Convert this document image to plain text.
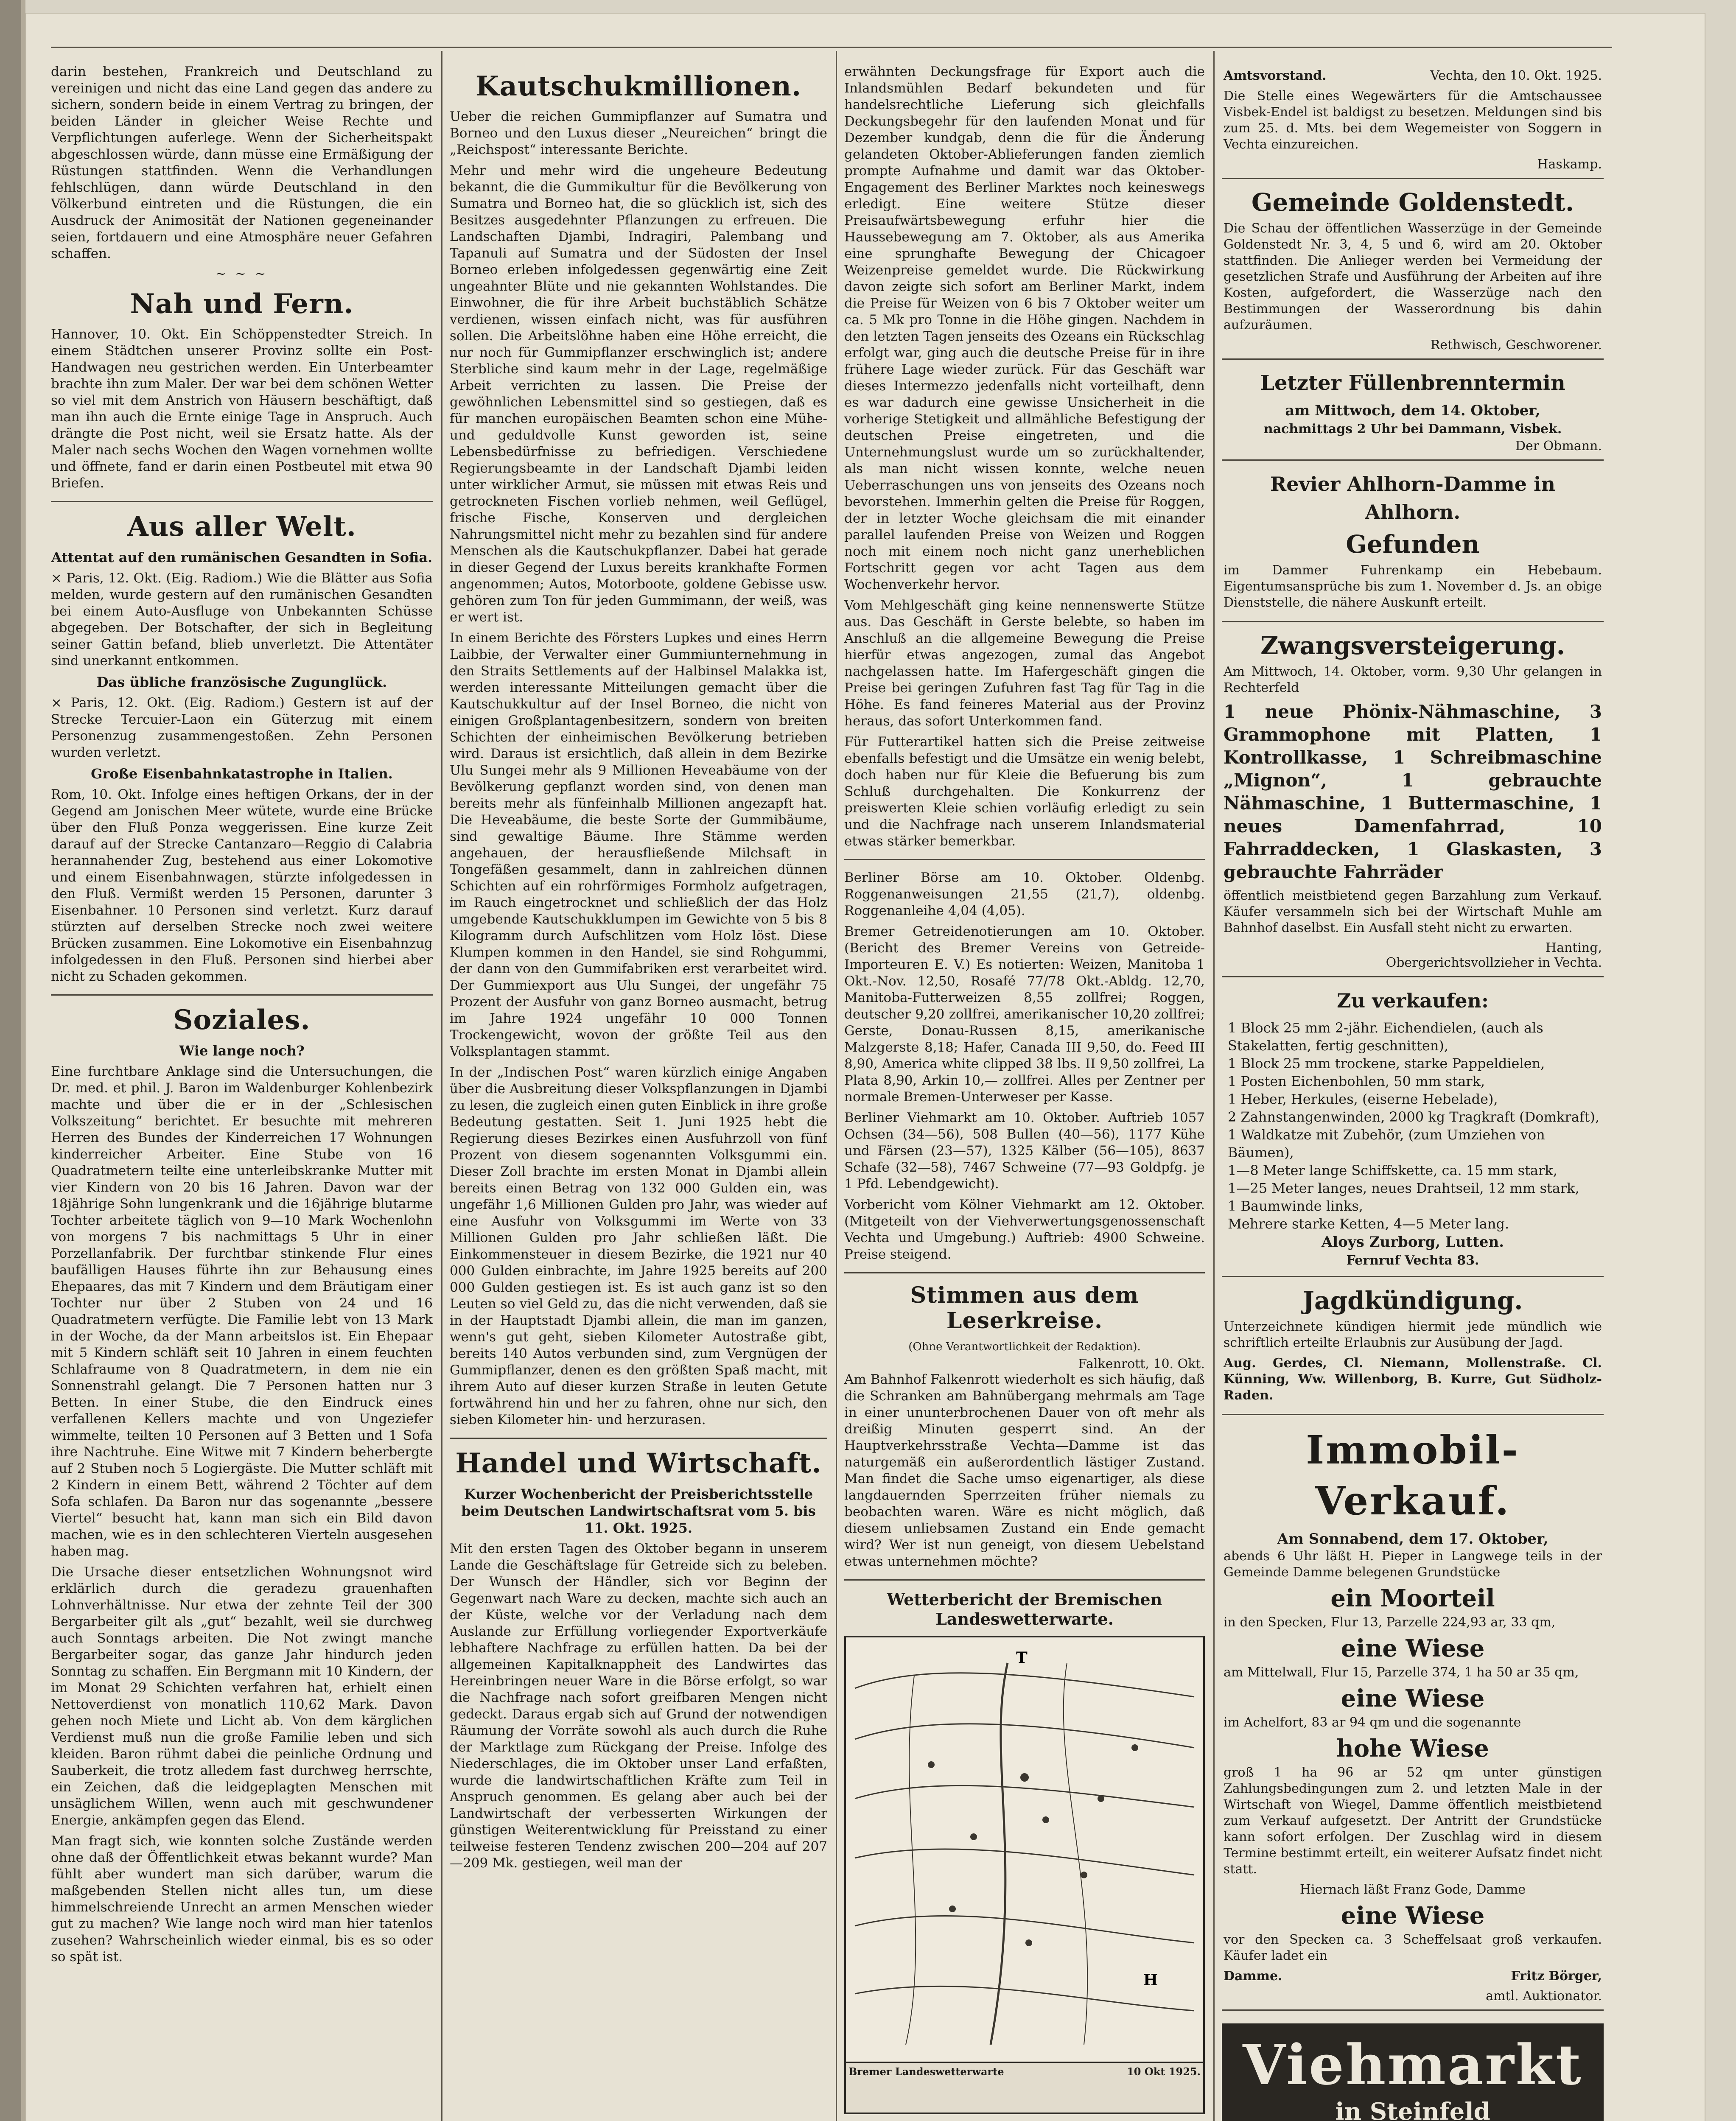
darin bestehen, Frankreich und Deutschland zu vereinigen und nicht das eine Land gegen das andere zu sichern, sondern beide in einem Vertrag zu bringen, der beiden Länder in gleicher Weise Rechte und Verpflichtungen auferlege. Wenn der Sicherheitspakt abgeschlossen würde, dann müsse eine Ermäßigung der Rüstungen stattfinden. Wenn die Verhandlungen fehlschlügen, dann würde Deutschland in den Völkerbund eintreten und die Rüstungen, die ein Ausdruck der Animosität der Nationen gegeneinander seien, fortdauern und eine Atmosphäre neuer Gefahren schaffen.

~ ~ ~
Nah und Fern.

Hannover, 10. Okt. Ein Schöppenstedter Streich. In einem Städtchen unserer Provinz sollte ein Post-Handwagen neu gestrichen werden. Ein Unterbeamter brachte ihn zum Maler. Der war bei dem schönen Wetter so viel mit dem Anstrich von Häusern beschäftigt, daß man ihn auch die Ernte einige Tage in Anspruch. Auch drängte die Post nicht, weil sie Ersatz hatte. Als der Maler nach sechs Wochen den Wagen vornehmen wollte und öffnete, fand er darin einen Postbeutel mit etwa 90 Briefen.

Aus aller Welt.
Attentat auf den rumänischen Gesandten in Sofia.

× Paris, 12. Okt. (Eig. Radiom.) Wie die Blätter aus Sofia melden, wurde gestern auf den rumänischen Gesandten bei einem Auto-Ausfluge von Unbekannten Schüsse abgegeben. Der Botschafter, der sich in Begleitung seiner Gattin befand, blieb unverletzt. Die Attentäter sind unerkannt entkommen.

Das übliche französische Zugunglück.

× Paris, 12. Okt. (Eig. Radiom.) Gestern ist auf der Strecke Tercuier-Laon ein Güterzug mit einem Personenzug zusammengestoßen. Zehn Personen wurden verletzt.

Große Eisenbahnkatastrophe in Italien.

Rom, 10. Okt. Infolge eines heftigen Orkans, der in der Gegend am Jonischen Meer wütete, wurde eine Brücke über den Fluß Ponza weggerissen. Eine kurze Zeit darauf auf der Strecke Cantanzaro—Reggio di Calabria herannahender Zug, bestehend aus einer Lokomotive und einem Eisenbahnwagen, stürzte infolgedessen in den Fluß. Vermißt werden 15 Personen, darunter 3 Eisenbahner. 10 Personen sind verletzt. Kurz darauf stürzten auf derselben Strecke noch zwei weitere Brücken zusammen. Eine Lokomotive ein Eisenbahnzug infolgedessen in den Fluß. Personen sind hierbei aber nicht zu Schaden gekommen.

Soziales.
Wie lange noch?

Eine furchtbare Anklage sind die Untersuchungen, die Dr. med. et phil. J. Baron im Waldenburger Kohlenbezirk machte und über die er in der „Schlesischen Volkszeitung“ berichtet. Er besuchte mit mehreren Herren des Bundes der Kinderreichen 17 Wohnungen kinderreicher Arbeiter. Eine Stube von 16 Quadratmetern teilte eine unterleibskranke Mutter mit vier Kindern von 20 bis 16 Jahren. Davon war der 18jährige Sohn lungenkrank und die 16jährige blutarme Tochter arbeitete täglich von 9—10 Mark Wochenlohn von morgens 7 bis nachmittags 5 Uhr in einer Porzellanfabrik. Der furchtbar stinkende Flur eines baufälligen Hauses führte ihn zur Behausung eines Ehepaares, das mit 7 Kindern und dem Bräutigam einer Tochter nur über 2 Stuben von 24 und 16 Quadratmetern verfügte. Die Familie lebt von 13 Mark in der Woche, da der Mann arbeitslos ist. Ein Ehepaar mit 5 Kindern schläft seit 10 Jahren in einem feuchten Schlafraume von 8 Quadratmetern, in dem nie ein Sonnenstrahl gelangt. Die 7 Personen hatten nur 3 Betten. In einer Stube, die den Eindruck eines verfallenen Kellers machte und von Ungeziefer wimmelte, teilten 10 Personen auf 3 Betten und 1 Sofa ihre Nachtruhe. Eine Witwe mit 7 Kindern beherbergte auf 2 Stuben noch 5 Logiergäste. Die Mutter schläft mit 2 Kindern in einem Bett, während 2 Töchter auf dem Sofa schlafen. Da Baron nur das sogenannte „bessere Viertel“ besucht hat, kann man sich ein Bild davon machen, wie es in den schlechteren Vierteln ausgesehen haben mag.

Die Ursache dieser entsetzlichen Wohnungsnot wird erklärlich durch die geradezu grauenhaften Lohnverhältnisse. Nur etwa der zehnte Teil der 300 Bergarbeiter gilt als „gut“ bezahlt, weil sie durchweg auch Sonntags arbeiten. Die Not zwingt manche Bergarbeiter sogar, das ganze Jahr hindurch jeden Sonntag zu schaffen. Ein Bergmann mit 10 Kindern, der im Monat 29 Schichten verfahren hat, erhielt einen Nettoverdienst von monatlich 110,62 Mark. Davon gehen noch Miete und Licht ab. Von dem kärglichen Verdienst muß nun die große Familie leben und sich kleiden. Baron rühmt dabei die peinliche Ordnung und Sauberkeit, die trotz alledem fast durchweg herrschte, ein Zeichen, daß die leidgeplagten Menschen mit unsäglichem Willen, wenn auch mit geschwundener Energie, ankämpfen gegen das Elend.

Man fragt sich, wie konnten solche Zustände werden ohne daß der Öffentlichkeit etwas bekannt wurde? Man fühlt aber wundert man sich darüber, warum die maßgebenden Stellen nicht alles tun, um diese himmelschreiende Unrecht an armen Menschen wieder gut zu machen? Wie lange noch wird man hier tatenlos zusehen? Wahrscheinlich wieder einmal, bis es so oder so spät ist.

Kautschukmillionen.

Ueber die reichen Gummipflanzer auf Sumatra und Borneo und den Luxus dieser „Neureichen“ bringt die „Reichspost“ interessante Berichte.

Mehr und mehr wird die ungeheure Bedeutung bekannt, die die Gummikultur für die Bevölkerung von Sumatra und Borneo hat, die so glücklich ist, sich des Besitzes ausgedehnter Pflanzungen zu erfreuen. Die Landschaften Djambi, Indragiri, Palembang und Tapanuli auf Sumatra und der Südosten der Insel Borneo erleben infolgedessen gegenwärtig eine Zeit ungeahnter Blüte und nie gekannten Wohlstandes. Die Einwohner, die für ihre Arbeit buchstäblich Schätze verdienen, wissen einfach nicht, was für ausführen sollen. Die Arbeitslöhne haben eine Höhe erreicht, die nur noch für Gummipflanzer erschwinglich ist; andere Sterbliche sind kaum mehr in der Lage, regelmäßige Arbeit verrichten zu lassen. Die Preise der gewöhnlichen Lebensmittel sind so gestiegen, daß es für manchen europäischen Beamten schon eine Mühe- und geduldvolle Kunst geworden ist, seine Lebensbedürfnisse zu befriedigen. Verschiedene Regierungsbeamte in der Landschaft Djambi leiden unter wirklicher Armut, sie müssen mit etwas Reis und getrockneten Fischen vorlieb nehmen, weil Geflügel, frische Fische, Konserven und dergleichen Nahrungsmittel nicht mehr zu bezahlen sind für andere Menschen als die Kautschukpflanzer. Dabei hat gerade in dieser Gegend der Luxus bereits krankhafte Formen angenommen; Autos, Motorboote, goldene Gebisse usw. gehören zum Ton für jeden Gummimann, der weiß, was er wert ist.

In einem Berichte des Försters Lupkes und eines Herrn Laibbie, der Verwalter einer Gummiunternehmung in den Straits Settlements auf der Halbinsel Malakka ist, werden interessante Mitteilungen gemacht über die Kautschukkultur auf der Insel Borneo, die nicht von einigen Großplantagenbesitzern, sondern von breiten Schichten der einheimischen Bevölkerung betrieben wird. Daraus ist ersichtlich, daß allein in dem Bezirke Ulu Sungei mehr als 9 Millionen Heveabäume von der Bevölkerung gepflanzt worden sind, von denen man bereits mehr als fünfeinhalb Millionen angezapft hat. Die Heveabäume, die beste Sorte der Gummibäume, sind gewaltige Bäume. Ihre Stämme werden angehauen, der herausfließende Milchsaft in Tongefäßen gesammelt, dann in zahlreichen dünnen Schichten auf ein rohrförmiges Formholz aufgetragen, im Rauch eingetrocknet und schließlich der das Holz umgebende Kautschukklumpen im Gewichte von 5 bis 8 Kilogramm durch Aufschlitzen vom Holz löst. Diese Klumpen kommen in den Handel, sie sind Rohgummi, der dann von den Gummifabriken erst verarbeitet wird. Der Gummiexport aus Ulu Sungei, der ungefähr 75 Prozent der Ausfuhr von ganz Borneo ausmacht, betrug im Jahre 1924 ungefähr 10 000 Tonnen Trockengewicht, wovon der größte Teil aus den Volksplantagen stammt.

In der „Indischen Post“ waren kürzlich einige Angaben über die Ausbreitung dieser Volkspflanzungen in Djambi zu lesen, die zugleich einen guten Einblick in ihre große Bedeutung gestatten. Seit 1. Juni 1925 hebt die Regierung dieses Bezirkes einen Ausfuhrzoll von fünf Prozent von diesem sogenannten Volksgummi ein. Dieser Zoll brachte im ersten Monat in Djambi allein bereits einen Betrag von 132 000 Gulden ein, was ungefähr 1,6 Millionen Gulden pro Jahr, was wieder auf eine Ausfuhr von Volksgummi im Werte von 33 Millionen Gulden pro Jahr schließen läßt. Die Einkommensteuer in diesem Bezirke, die 1921 nur 40 000 Gulden einbrachte, im Jahre 1925 bereits auf 200 000 Gulden gestiegen ist. Es ist auch ganz ist so den Leuten so viel Geld zu, das die nicht verwenden, daß sie in der Hauptstadt Djambi allein, die man im ganzen, wenn's gut geht, sieben Kilometer Autostraße gibt, bereits 140 Autos verbunden sind, zum Vergnügen der Gummipflanzer, denen es den größten Spaß macht, mit ihrem Auto auf dieser kurzen Straße in leuten Getute fortwährend hin und her zu fahren, ohne nur sich, den sieben Kilometer hin- und herzurasen.

Handel und Wirtschaft.
Kurzer Wochenbericht der Preisberichtsstelle beim Deutschen Landwirtschaftsrat vom 5. bis 11. Okt. 1925.

Mit den ersten Tagen des Oktober begann in unserem Lande die Geschäftslage für Getreide sich zu beleben. Der Wunsch der Händler, sich vor Beginn der Gegenwart nach Ware zu decken, machte sich auch an der Küste, welche vor der Verladung nach dem Auslande zur Erfüllung vorliegender Exportverkäufe lebhaftere Nachfrage zu erfüllen hatten. Da bei der allgemeinen Kapitalknappheit des Landwirtes das Hereinbringen neuer Ware in die Börse erfolgt, so war die Nachfrage nach sofort greifbaren Mengen nicht gedeckt. Daraus ergab sich auf Grund der notwendigen Räumung der Vorräte sowohl als auch durch die Ruhe der Marktlage zum Rückgang der Preise. Infolge des Niederschlages, die im Oktober unser Land erfaßten, wurde die landwirtschaftlichen Kräfte zum Teil in Anspruch genommen. Es gelang aber auch bei der Landwirtschaft der verbesserten Wirkungen der günstigen Weiterentwicklung für Preisstand zu einer teilweise festeren Tendenz zwischen 200—204 auf 207—209 Mk. gestiegen, weil man der

erwähnten Deckungsfrage für Export auch die Inlandsmühlen Bedarf bekundeten und für handelsrechtliche Lieferung sich gleichfalls Deckungsbegehr für den laufenden Monat und für Dezember kundgab, denn die für die Änderung gelandeten Oktober-Ablieferungen fanden ziemlich prompte Aufnahme und damit war das Oktober-Engagement des Berliner Marktes noch keineswegs erledigt. Eine weitere Stütze dieser Preisaufwärtsbewegung erfuhr hier die Haussebewegung am 7. Oktober, als aus Amerika eine sprunghafte Bewegung der Chicagoer Weizenpreise gemeldet wurde. Die Rückwirkung davon zeigte sich sofort am Berliner Markt, indem die Preise für Weizen von 6 bis 7 Oktober weiter um ca. 5 Mk pro Tonne in die Höhe gingen. Nachdem in den letzten Tagen jenseits des Ozeans ein Rückschlag erfolgt war, ging auch die deutsche Preise für in ihre frühere Lage wieder zurück. Für das Geschäft war dieses Intermezzo jedenfalls nicht vorteilhaft, denn es war dadurch eine gewisse Unsicherheit in die vorherige Stetigkeit und allmähliche Befestigung der deutschen Preise eingetreten, und die Unternehmungslust wurde um so zurückhaltender, als man nicht wissen konnte, welche neuen Ueberraschungen uns von jenseits des Ozeans noch bevorstehen. Immerhin gelten die Preise für Roggen, der in letzter Woche gleichsam die mit einander parallel laufenden Preise von Weizen und Roggen noch mit einem noch nicht ganz unerheblichen Fortschritt gegen vor acht Tagen aus dem Wochenverkehr hervor.

Vom Mehlgeschäft ging keine nennenswerte Stütze aus. Das Geschäft in Gerste belebte, so haben im Anschluß an die allgemeine Bewegung die Preise hierfür etwas angezogen, zumal das Angebot nachgelassen hatte. Im Hafergeschäft gingen die Preise bei geringen Zufuhren fast Tag für Tag in die Höhe. Es fand feineres Material aus der Provinz heraus, das sofort Unterkommen fand.

Für Futterartikel hatten sich die Preise zeitweise ebenfalls befestigt und die Umsätze ein wenig belebt, doch haben nur für Kleie die Befuerung bis zum Schluß durchgehalten. Die Konkurrenz der preiswerten Kleie schien vorläufig erledigt zu sein und die Nachfrage nach unserem Inlandsmaterial etwas stärker bemerkbar.

Berliner Börse am 10. Oktober. Oldenbg. Roggenanweisungen 21,55 (21,7), oldenbg. Roggenanleihe 4,04 (4,05).

Bremer Getreidenotierungen am 10. Oktober. (Bericht des Bremer Vereins von Getreide-Importeuren E. V.) Es notierten: Weizen, Manitoba 1 Okt.-Nov. 12,50, Rosafé 77/78 Okt.-Abldg. 12,70, Manitoba-Futterweizen 8,55 zollfrei; Roggen, deutscher 9,20 zollfrei, amerikanischer 10,20 zollfrei; Gerste, Donau-Russen 8,15, amerikanische Malzgerste 8,18; Hafer, Canada III 9,50, do. Feed III 8,90, America white clipped 38 lbs. II 9,50 zollfrei, La Plata 8,90, Arkin 10,— zollfrei. Alles per Zentner per normale Bremen-Unterweser per Kasse.

Berliner Viehmarkt am 10. Oktober. Auftrieb 1057 Ochsen (34—56), 508 Bullen (40—56), 1177 Kühe und Färsen (23—57), 1325 Kälber (56—105), 8637 Schafe (32—58), 7467 Schweine (77—93 Goldpfg. je 1 Pfd. Lebendgewicht).

Vorbericht vom Kölner Viehmarkt am 12. Oktober. (Mitgeteilt von der Viehverwertungsgenossenschaft Vechta und Umgebung.) Auftrieb: 4900 Schweine. Preise steigend.

Stimmen aus dem Leserkreise.
(Ohne Verantwortlichkeit der Redaktion).
Falkenrott, 10. Okt.

Am Bahnhof Falkenrott wiederholt es sich häufig, daß die Schranken am Bahnübergang mehrmals am Tage in einer ununterbrochenen Dauer von oft mehr als dreißig Minuten gesperrt sind. An der Hauptverkehrsstraße Vechta—Damme ist das naturgemäß ein außerordentlich lästiger Zustand. Man findet die Sache umso eigenartiger, als diese langdauernden Sperrzeiten früher niemals zu beobachten waren. Wäre es nicht möglich, daß diesem unliebsamen Zustand ein Ende gemacht wird? Wer ist nun geneigt, von diesem Uebelstand etwas unternehmen möchte?

Wetterbericht der Bremischen Landeswetterwarte.
T
H
Bremer Landeswetterwarte	10 Okt 1925.

Amtsvorstand.	Vechta, den 10. Okt. 1925.

Die Stelle eines Wegewärters für die Amtschaussee Visbek-Endel ist baldigst zu besetzen. Meldungen sind bis zum 25. d. Mts. bei dem Wegemeister von Soggern in Vechta einzureichen.

Haskamp.
Gemeinde Goldenstedt.

Die Schau der öffentlichen Wasserzüge in der Gemeinde Goldenstedt Nr. 3, 4, 5 und 6, wird am 20. Oktober stattfinden. Die Anlieger werden bei Vermeidung der gesetzlichen Strafe und Ausführung der Arbeiten auf ihre Kosten, aufgefordert, die Wasserzüge nach den Bestimmungen der Wasserordnung bis dahin aufzuräumen.

Rethwisch, Geschworener.
Letzter Füllenbrenntermin
am Mittwoch, dem 14. Oktober,
nachmittags 2 Uhr bei Dammann, Visbek.
Der Obmann.
Revier Ahlhorn-Damme in Ahlhorn.
Gefunden

im Dammer Fuhrenkamp ein Hebebaum. Eigentumsansprüche bis zum 1. November d. Js. an obige Dienststelle, die nähere Auskunft erteilt.

Zwangsversteigerung.

Am Mittwoch, 14. Oktober, vorm. 9,30 Uhr gelangen in Rechterfeld

1 neue Phönix-Nähmaschine, 3 Grammophone mit Platten, 1 Kontrollkasse, 1 Schreibmaschine „Mignon“, 1 gebrauchte Nähmaschine, 1 Buttermaschine, 1 neues Damenfahrrad, 10 Fahrraddecken, 1 Glaskasten, 3 gebrauchte Fahrräder

öffentlich meistbietend gegen Barzahlung zum Verkauf. Käufer versammeln sich bei der Wirtschaft Muhle am Bahnhof daselbst. Ein Ausfall steht nicht zu erwarten.

Hanting,
Obergerichtsvollzieher in Vechta.
Zu verkaufen:
1 Block 25 mm 2-jähr. Eichendielen, (auch als Stakelatten, fertig geschnitten),
1 Block 25 mm trockene, starke Pappeldielen,
1 Posten Eichenbohlen, 50 mm stark,
1 Heber, Herkules, (eiserne Hebelade),
2 Zahnstangenwinden, 2000 kg Tragkraft (Domkraft),
1 Waldkatze mit Zubehör, (zum Umziehen von Bäumen),
1—8 Meter lange Schiffskette, ca. 15 mm stark,
1—25 Meter langes, neues Drahtseil, 12 mm stark,
1 Baumwinde links,
Mehrere starke Ketten, 4—5 Meter lang.
Aloys Zurborg, Lutten.
Fernruf Vechta 83.
Jagdkündigung.

Unterzeichnete kündigen hiermit jede mündlich wie schriftlich erteilte Erlaubnis zur Ausübung der Jagd.

Aug. Gerdes, Cl. Niemann, Mollenstraße. Cl. Künning, Ww. Willenborg, B. Kurre, Gut Südholz-Raden.

Immobil-Verkauf.
Am Sonnabend, dem 17. Oktober,

abends 6 Uhr läßt H. Pieper in Langwege teils in der Gemeinde Damme belegenen Grundstücke

ein Moorteil

in den Specken, Flur 13, Parzelle 224,93 ar, 33 qm,

eine Wiese

am Mittelwall, Flur 15, Parzelle 374, 1 ha 50 ar 35 qm,

eine Wiese

im Achelfort, 83 ar 94 qm und die sogenannte

hohe Wiese

groß 1 ha 96 ar 52 qm unter günstigen Zahlungsbedingungen zum 2. und letzten Male in der Wirtschaft von Wiegel, Damme öffentlich meistbietend zum Verkauf aufgesetzt. Der Antritt der Grundstücke kann sofort erfolgen. Der Zuschlag wird in diesem Termine bestimmt erteilt, ein weiterer Aufsatz findet nicht statt.

Hiernach läßt Franz Gode, Damme

eine Wiese

vor den Specken ca. 3 Scheffelsaat groß verkaufen. Käufer ladet ein

Damme.	Fritz Börger,

amtl. Auktionator.
Viehmarkt
in Steinfeld
